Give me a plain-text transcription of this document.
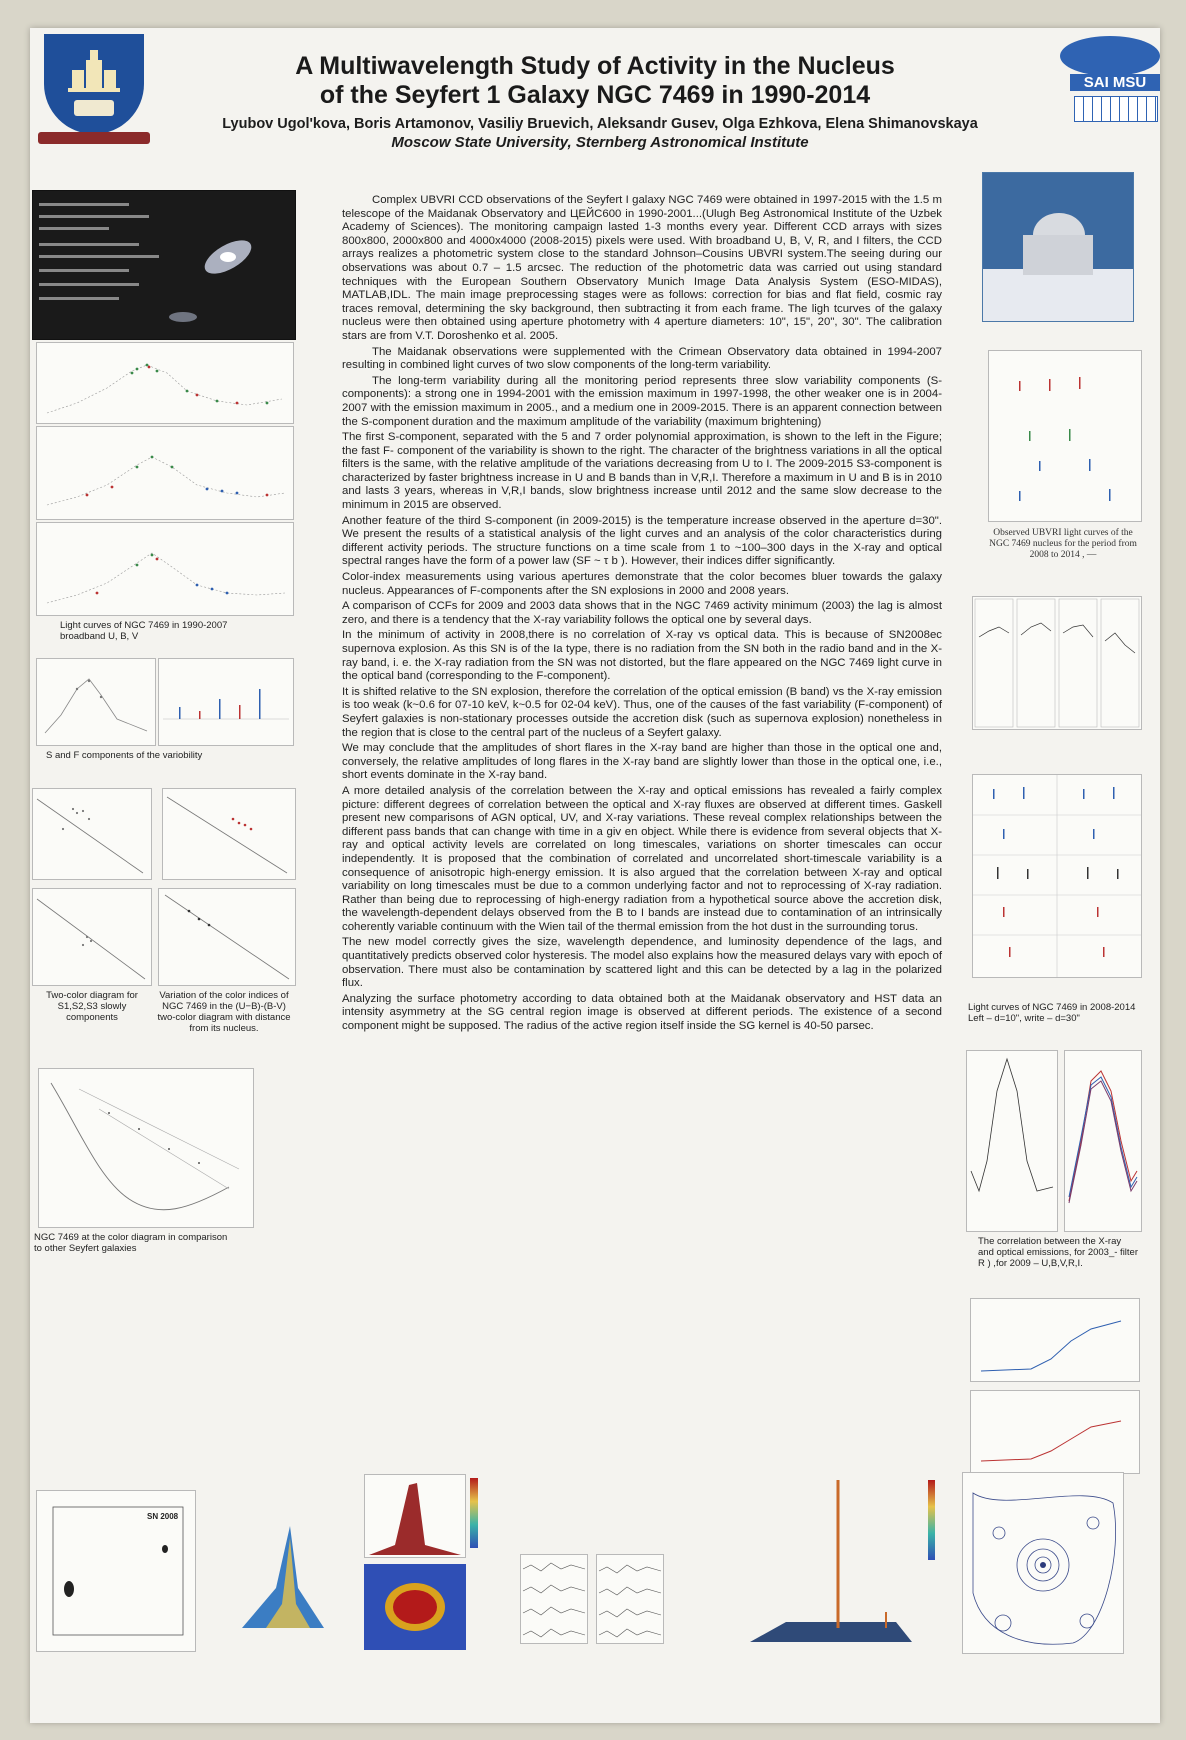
SAI MSU
A Multiwavelength Study of Activity in the Nucleus
of the Seyfert 1 Galaxy NGC 7469 in 1990-2014
Lyubov Ugol'kova, Boris Artamonov, Vasiliy Bruevich, Aleksandr Gusev, Olga Ezhkova, Elena Shimanovskaya
Moscow State University, Sternberg Astronomical Institute

Complex UBVRI CCD observations of the Seyfert I galaxy NGC 7469 were obtained in 1997-2015 with the 1.5 m telescope of the Maidanak Observatory and ЦЕЙС600 in 1990-2001...(Ulugh Beg Astronomical Institute of the Uzbek Academy of Sciences). The monitoring campaign lasted 1-3 months every year. Different CCD arrays with sizes 800x800, 2000x800 and 4000x4000 (2008-2015) pixels were used. With broadband U, B, V, R, and I filters, the CCD arrays realizes a photometric system close to the standard Johnson–Cousins UBVRI system.The seeing during our observations was about 0.7 – 1.5 arcsec. The reduction of the photometric data was carried out using standard techniques with the European Southern Observatory Munich Image Data Analysis System (ESO-MIDAS), MATLAB,IDL. The main image preprocessing stages were as follows: correction for bias and flat field, cosmic ray traces removal, determining the sky background, then subtracting it from each frame. The ligh tcurves of the galaxy nucleus were then obtained using aperture photometry with 4 aperture diameters: 10", 15", 20", 30". The calibration stars are from V.T. Doroshenko et al. 2005.

The Maidanak observations were supplemented with the Crimean Observatory data obtained in 1994-2007 resulting in combined light curves of two slow components of the long-term variability.

The long-term variability during all the monitoring period represents three slow variability components (S-components): a strong one in 1994-2001 with the emission maximum in 1997-1998, the other weaker one is in 2004-2007 with the emission maximum in 2005., and a medium one in 2009-2015. There is an apparent connection between the S-component duration and the maximum amplitude of the variability (maximum brightening)

The first S-component, separated with the 5 and 7 order polynomial approximation, is shown to the left in the Figure; the fast F- component of the variability is shown to the right. The character of the brightness variations in all the optical filters is the same, with the relative amplitude of the variations decreasing from U to I. The 2009-2015 S3-component is characterized by faster brightness increase in U and B bands than in V,R,I. Therefore a maximum in U and B is in 2010 and lasts 3 years, whereas in V,R,I bands, slow brightness increase until 2012 and the same slow decrease to the minimum in 2015 are observed.

Another feature of the third S-component (in 2009-2015) is the temperature increase observed in the aperture d=30". We present the results of a statistical analysis of the light curves and an analysis of the color characteristics during different activity periods. The structure functions on a time scale from 1 to ~100–300 days in the X-ray and optical spectral ranges have the form of a power law (SF ~ τ b ). However, their indices differ significantly.

Color-index measurements using various apertures demonstrate that the color becomes bluer towards the galaxy nucleus. Appearances of F-components after the SN explosions in 2000 and 2008 years.

A comparison of CCFs for 2009 and 2003 data shows that in the NGC 7469 activity minimum (2003) the lag is almost zero, and there is a tendency that the X-ray variability follows the optical one by several days.

In the minimum of activity in 2008,there is no correlation of X-ray vs optical data. This is because of SN2008ec supernova explosion. As this SN is of the Ia type, there is no radiation from the SN both in the radio band and in the X-ray band, i. e. the X-ray radiation from the SN was not distorted, but the flare appeared on the NGC 7469 light curve in the optical band (corresponding to the F-component).

It is shifted relative to the SN explosion, therefore the correlation of the optical emission (B band) vs the X-ray emission is too weak (k~0.6 for 07-10 keV, k~0.5 for 02-04 keV). Thus, one of the causes of the fast variability (F-component) of Seyfert galaxies is non-stationary processes outside the accretion disk (such as supernova explosion) nonetheless in the region that is close to the central part of the nucleus of a Seyfert galaxy.

We may conclude that the amplitudes of short flares in the X-ray band are higher than those in the optical one and, conversely, the relative amplitudes of long flares in the X-ray band are slightly lower than those in the optical one, i.e., short events dominate in the X-ray band.

A more detailed analysis of the correlation between the X-ray and optical emissions has revealed a fairly complex picture: different degrees of correlation between the optical and X-ray fluxes are observed at different times. Gaskell present new comparisons of AGN optical, UV, and X-ray variations. These reveal complex relationships between the different pass bands that can change with time in a giv en object. While there is evidence from several objects that X-ray and optical activity levels are correlated on long timescales, variations on shorter timescales can occur independently. It is proposed that the combination of correlated and uncorrelated short-timescale variability is a consequence of anisotropic high-energy emission. It is also argued that the correlation between X-ray and optical variability on long timescales must be due to a common underlying factor and not to reprocessing of X-ray radiation. Rather than being due to reprocessing of high-energy radiation from a hypothetical source above the accretion disk, the wavelength-dependent delays observed from the B to I bands are instead due to contamination of an intrinsically coherently variable continuum with the Wien tail of the thermal emission from the hot dust in the surrounding torus.

The new model correctly gives the size, wavelength dependence, and luminosity dependence of the lags, and quantitatively predicts observed color hysteresis. The model also explains how the measured delays vary with epoch of observation. There must also be contamination by scattered light and this can be detected by a lag in the polarized flux.

Analyzing the surface photometry according to data obtained both at the Maidanak observatory and HST data an intensity asymmetry at the SG central region image is observed at different periods. The existence of a second component might be supposed. The radius of the active region itself inside the SG kernel is 40-50 parsec.

Light curves of NGC 7469 in 1990-2007 broadband U, B, V
S and F components of the variobility
Two-color diagram for S1,S2,S3 slowly components
Variation of the color indices of NGC 7469 in the (U−B)-(B-V) two-color diagram with distance from its nucleus.
NGC 7469 at the color diagram in comparison to other Seyfert galaxies
Observed UBVRI light curves of the NGC 7469 nucleus for the period from 2008 to 2014 , —
Light curves of NGC 7469 in 2008-2014 Left – d=10", write – d=30"
The correlation between the X-ray and optical emissions, for 2003_- filter R ) ,for 2009 – U,B,V,R,I.
SN 2008
